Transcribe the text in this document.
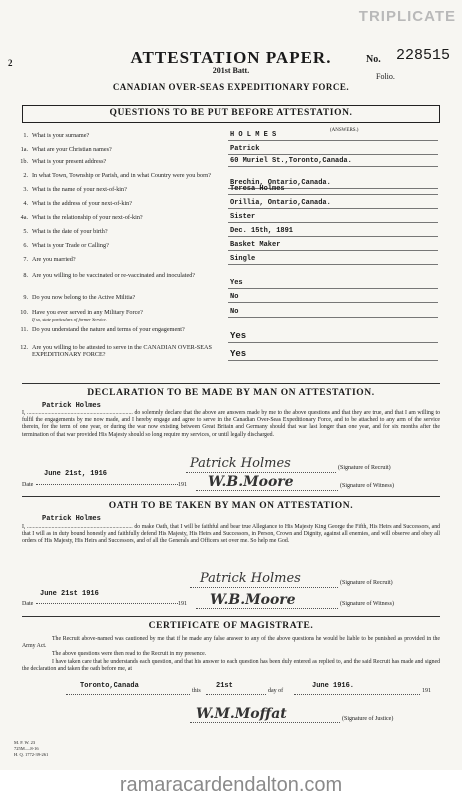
TRIPLICATE
2	ATTESTATION PAPER.
201st Batt.
No. 228515
Folio.
CANADIAN OVER-SEAS EXPEDITIONARY FORCE.
QUESTIONS TO BE PUT BEFORE ATTESTATION.
(ANSWERS.)
1. What is your surname?	H O L M E S
1a. What are your Christian names?	Patrick
1b. What is your present address?	60 Muriel St.,Toronto,Canada.
2. In what Town, Township or Parish, and in what Country were you born?
Brechin, Ontario,Canada.
3. What is the name of your next-of-kin?	Teresa Holmes
4. What is the address of your next-of-kin?	Orillia, Ontario,Canada.
4a. What is the relationship of your next-of-kin?	Sister
5. What is the date of your birth?	Dec. 15th, 1891
6. What is your Trade or Calling?	Basket Maker
7. Are you married?	Single
8. Are you willing to be vaccinated or re-vaccinated and inoculated?
Yes
9. Do you now belong to the Active Militia?	No
10. Have you ever served in any Military Force?
If so, state particulars of former Service.
No
11. Do you understand the nature and terms of your engagement?
Yes
12. Are you willing to be attested to serve in the CANADIAN OVER-SEAS EXPEDITIONARY FORCE?	Yes
DECLARATION TO BE MADE BY MAN ON ATTESTATION.
Patrick Holmes
I, ......................................................................... do solemnly declare that the above are answers made by me to the above questions and that they are true, and that I am willing to fulfil the engagements by me now made, and I hereby engage and agree to serve in the Canadian Over-Seas Expeditionary Force, and to be attached to any arm of the service therein, for the term of one year, or during the war now existing between Great Britain and Germany should that war last longer than one year, and for six months after the termination of that war provided His Majesty should so long require my services, or until legally discharged.
June 21st, 1916
Date	191
Patrick Holmes	(Signature of Recruit)
W.B.Moore	(Signature of Witness)
OATH TO BE TAKEN BY MAN ON ATTESTATION.
Patrick Holmes
I, ......................................................................... do make Oath, that I will be faithful and bear true Allegiance to His Majesty King George the Fifth, His Heirs and Successors, and that I will as in duty bound honestly and faithfully defend His Majesty, His Heirs and Successors, in Person, Crown and Dignity, against all enemies, and will observe and obey all orders of His Majesty, His Heirs and Successors, and of all the Generals and Officers set over me. So help me God.
June 21st 1916
Date	191
Patrick Holmes	(Signature of Recruit)
W.B.Moore	(Signature of Witness)
CERTIFICATE OF MAGISTRATE.
The Recruit above-named was cautioned by me that if he made any false answer to any of the above questions he would be liable to be punished as provided in the Army Act.
The above questions were then read to the Recruit in my presence.
I have taken care that he understands each question, and that his answer to each question has been duly entered as replied to, and the said Recruit has made and signed the declaration and taken the oath before me, at
Toronto,Canada
this
21st
day of
June 1916.
191
W.M.Moffat	(Signature of Justice)
M. F. W. 23
725M.—8-16
H. Q. 1772-39-261
ramaracardendalton.com
